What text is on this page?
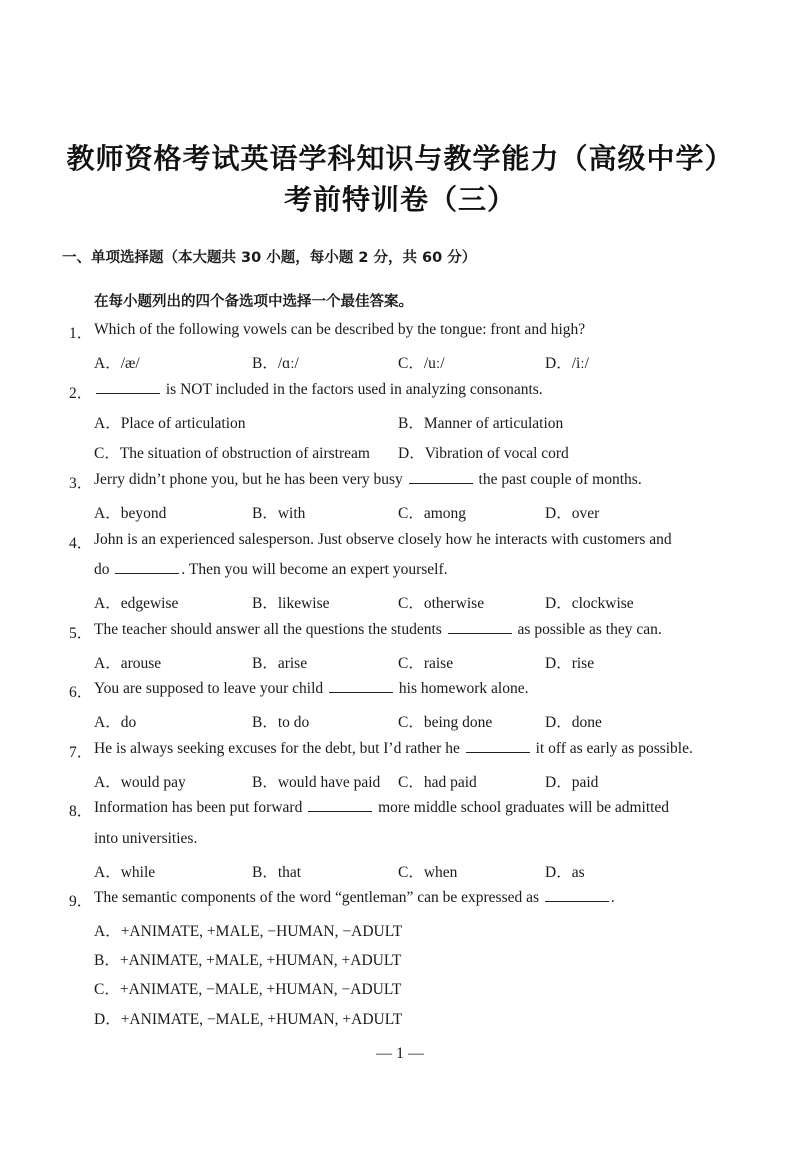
教师资格考试英语学科知识与教学能力（高级中学）
考前特训卷（三）
一、单项选择题（本大题共 30 小题，每小题 2 分，共 60 分）
在每小题列出的四个备选项中选择一个最佳答案。
1． Which of the following vowels can be described by the tongue: front and high?
A．/æ/	B．/ɑː/	C．/uː/	D．/iː/
2．	is NOT included in the factors used in analyzing consonants.
A．Place of articulation	B．Manner of articulation
C．The situation of obstruction of airstream D．Vibration of vocal cord
3． Jerry didn’t phone you, but he has been very busy	the past couple of months.
A．beyond	B．with	C．among	D．over
4． John is an experienced salesperson. Just observe closely how he interacts with customers and
do	. Then you will become an expert yourself.
A．edgewise	B．likewise	C．otherwise	D．clockwise
5． The teacher should answer all the questions the students	as possible as they can.
A．arouse	B．arise	C．raise	D．rise
6． You are supposed to leave your child	his homework alone.
A．do	B．to do	C．being done	D．done
7． He is always seeking excuses for the debt, but I’d rather he	it off as early as possible.
A．would pay	B．would have paid C．had paid	D．paid
8． Information has been put forward	more middle school graduates will be admitted
into universities.
A．while	B．that	C．when	D．as
9． The semantic components of the word “gentleman” can be expressed as	.
A．+ANIMATE, +MALE, −HUMAN, −ADULT
B．+ANIMATE, +MALE, +HUMAN, +ADULT
C．+ANIMATE, −MALE, +HUMAN, −ADULT
D．+ANIMATE, −MALE, +HUMAN, +ADULT
— 1 —
